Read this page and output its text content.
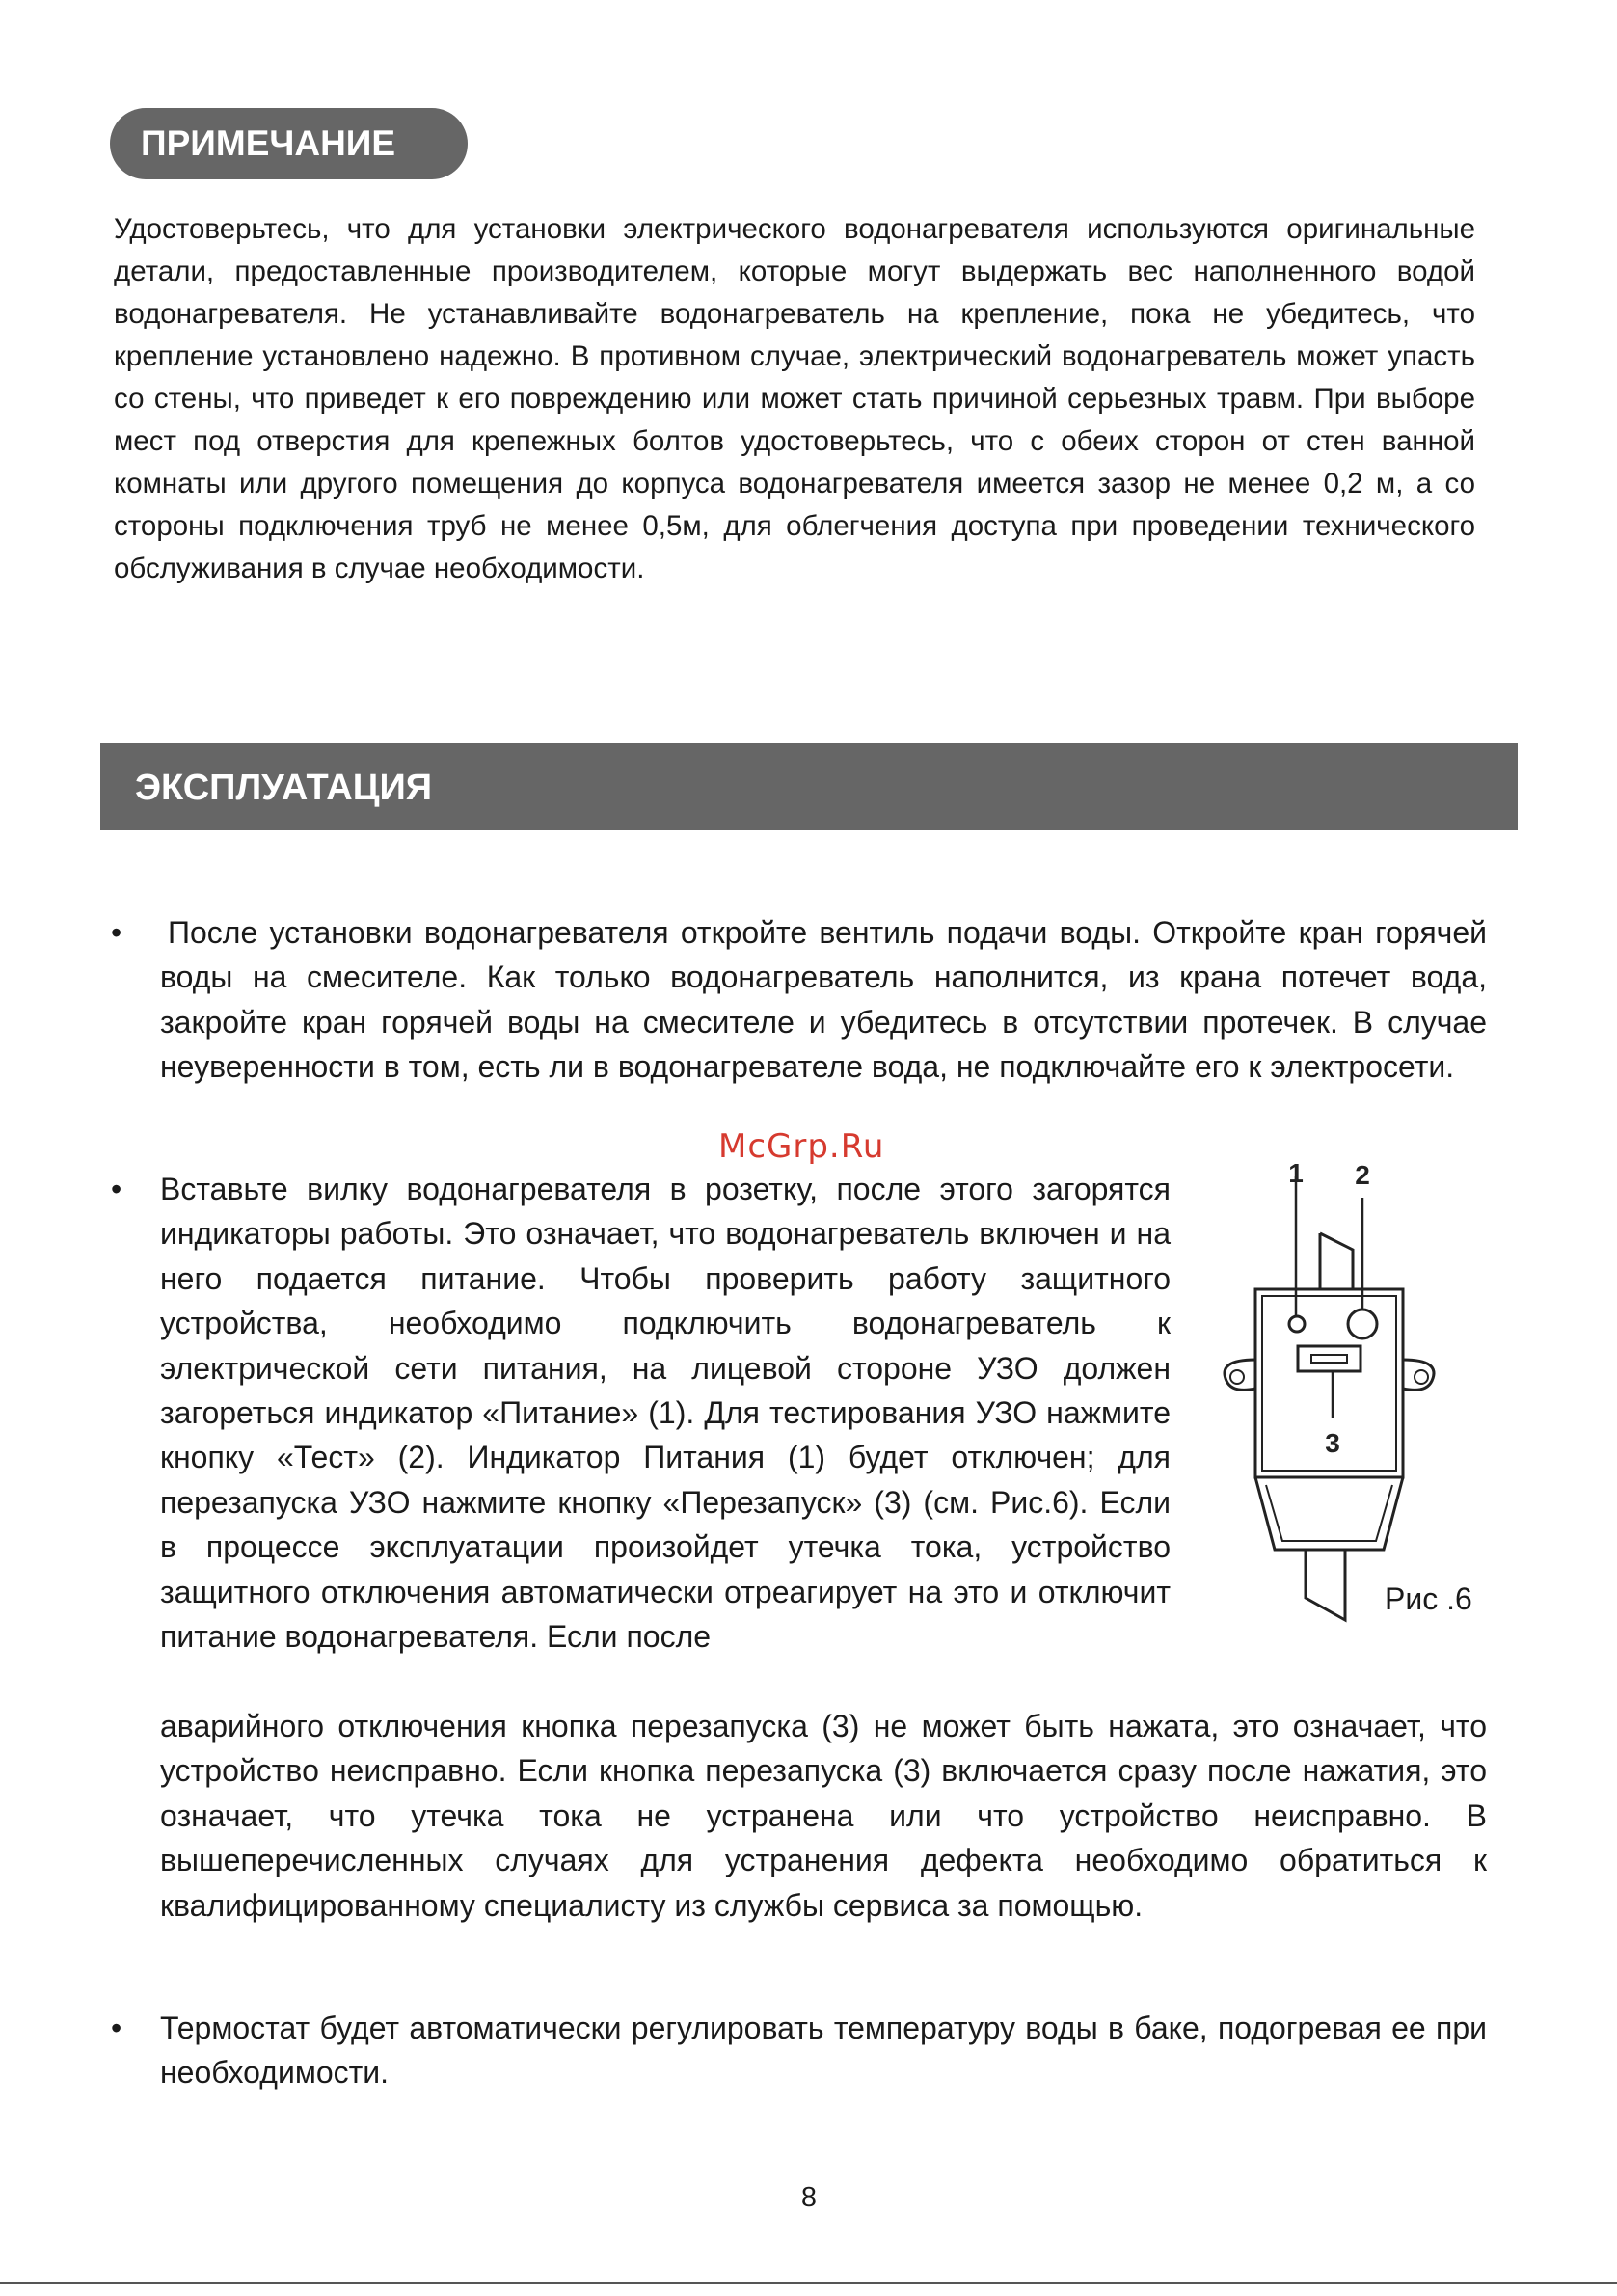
ПРИМЕЧАНИЕ

Удостоверьтесь, что для установки электрического водонагревателя используются оригинальные детали, предоставленные производителем, которые могут выдержать вес наполненного водой водонагревателя. Не устанавливайте водонагреватель на крепление, пока не убедитесь, что крепление установлено надежно. В противном случае, электрический водонагреватель может упасть со стены, что приведет к его повреждению или может стать причиной серьезных травм. При выборе мест под отверстия для крепежных болтов удостоверьтесь, что с обеих сторон от стен ванной комнаты или другого помещения до корпуса водонагревателя имеется зазор не менее 0,2 м, а со стороны подключения труб не менее 0,5м, для облегчения доступа при проведении технического обслуживания в случае необходимости.

ЭКСПЛУАТАЦИЯ
• После установки водонагревателя откройте вентиль подачи воды. Откройте кран горячей воды на смесителе. Как только водонагреватель наполнится, из крана потечет вода, закройте кран горячей воды на смесителе и убедитесь в отсутствии протечек. В случае неуверенности в том, есть ли в водонагревателе вода, не подключайте его к электросети.

McGrp.Ru
• Вставьте вилку водонагревателя в розетку, после этого загорятся индикаторы работы. Это означает, что водонагреватель включен и на него подается питание. Чтобы проверить работу защитного устройства, необходимо подключить водонагреватель к электрической сети питания, на лицевой стороне УЗО должен загореться индикатор «Питание» (1). Для тестирования УЗО нажмите кнопку «Тест» (2). Индикатор Питания (1) будет отключен; для перезапуска УЗО нажмите кнопку «Перезапуск» (3) (см. Рис.6). Если в процессе эксплуатации произойдет утечка тока, устройство защитного отключения автоматически отреагирует на это и отключит питание водонагревателя. Если после

аварийного отключения кнопка перезапуска (3) не может быть нажата, это означает, что устройство неисправно. Если кнопка перезапуска (3) включается сразу после нажатия, это означает, что утечка тока не устранена или что устройство неисправно. В вышеперечисленных случаях для устранения дефекта необходимо обратиться к квалифицированному специалисту из службы сервиса за помощью.

• Термостат будет автоматически регулировать температуру воды в баке, подогревая ее при необходимости.

1 2
3
Рис .6
8
